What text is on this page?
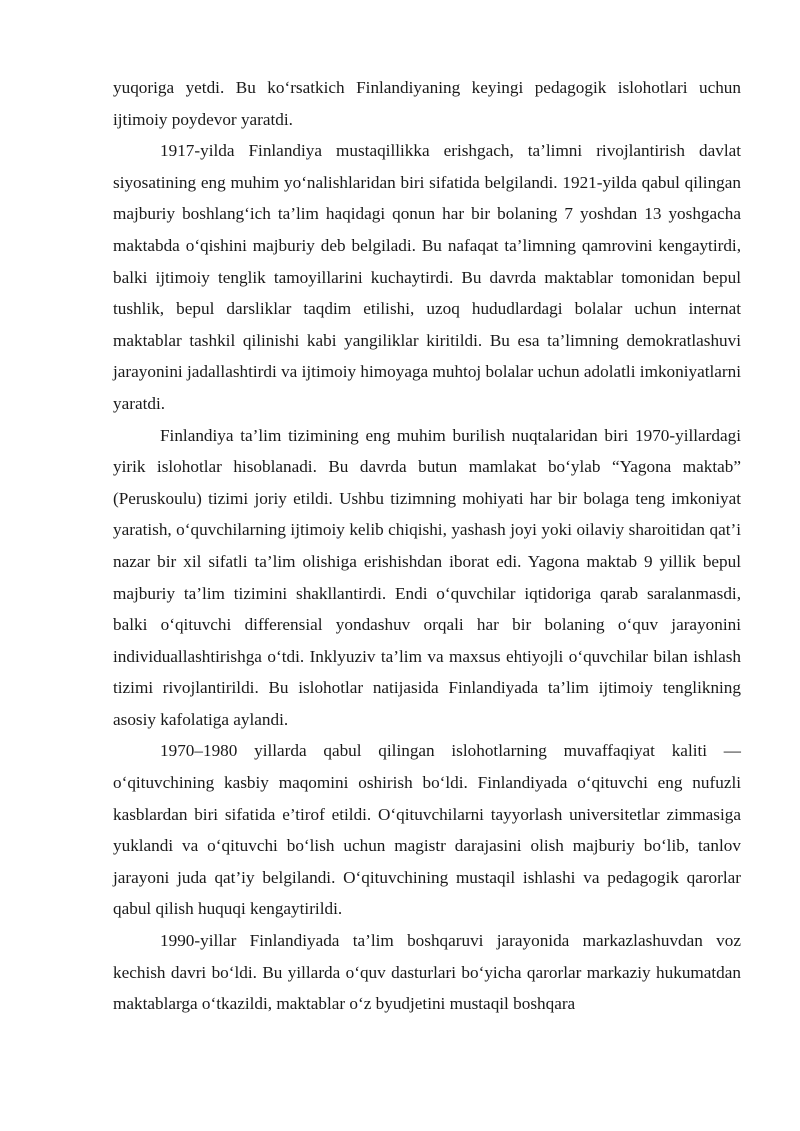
yuqoriga yetdi. Bu ko‘rsatkich Finlandiyaning keyingi pedagogik islohotlari uchun ijtimoiy poydevor yaratdi.

1917-yilda Finlandiya mustaqillikka erishgach, ta’limni rivojlantirish davlat siyosatining eng muhim yo‘nalishlaridan biri sifatida belgilandi. 1921-yilda qabul qilingan majburiy boshlang‘ich ta’lim haqidagi qonun har bir bolaning 7 yoshdan 13 yoshgacha maktabda o‘qishini majburiy deb belgiladi. Bu nafaqat ta’limning qamrovini kengaytirdi, balki ijtimoiy tenglik tamoyillarini kuchaytirdi. Bu davrda maktablar tomonidan bepul tushlik, bepul darsliklar taqdim etilishi, uzoq hududlardagi bolalar uchun internat maktablar tashkil qilinishi kabi yangiliklar kiritildi. Bu esa ta’limning demokratlashuvi jarayonini jadallashtirdi va ijtimoiy himoyaga muhtoj bolalar uchun adolatli imkoniyatlarni yaratdi.

Finlandiya ta’lim tizimining eng muhim burilish nuqtalaridan biri 1970-yillardagi yirik islohotlar hisoblanadi. Bu davrda butun mamlakat bo‘ylab “Yagona maktab” (Peruskoulu) tizimi joriy etildi. Ushbu tizimning mohiyati har bir bolaga teng imkoniyat yaratish, o‘quvchilarning ijtimoiy kelib chiqishi, yashash joyi yoki oilaviy sharoitidan qat’i nazar bir xil sifatli ta’lim olishiga erishishdan iborat edi. Yagona maktab 9 yillik bepul majburiy ta’lim tizimini shakllantirdi. Endi o‘quvchilar iqtidoriga qarab saralanmasdi, balki o‘qituvchi differensial yondashuv orqali har bir bolaning o‘quv jarayonini individuallashtirishga o‘tdi. Inklyuziv ta’lim va maxsus ehtiyojli o‘quvchilar bilan ishlash tizimi rivojlantirildi. Bu islohotlar natijasida Finlandiyada ta’lim ijtimoiy tenglikning asosiy kafolatiga aylandi.

1970–1980 yillarda qabul qilingan islohotlarning muvaffaqiyat kaliti — o‘qituvchining kasbiy maqomini oshirish bo‘ldi. Finlandiyada o‘qituvchi eng nufuzli kasblardan biri sifatida e’tirof etildi. O‘qituvchilarni tayyorlash universitetlar zimmasiga yuklandi va o‘qituvchi bo‘lish uchun magistr darajasini olish majburiy bo‘lib, tanlov jarayoni juda qat’iy belgilandi. O‘qituvchining mustaqil ishlashi va pedagogik qarorlar qabul qilish huquqi kengaytirildi.

1990-yillar Finlandiyada ta’lim boshqaruvi jarayonida markazlashuvdan voz kechish davri bo‘ldi. Bu yillarda o‘quv dasturlari bo‘yicha qarorlar markaziy hukumatdan maktablarga o‘tkazildi, maktablar o‘z byudjetini mustaqil boshqara
